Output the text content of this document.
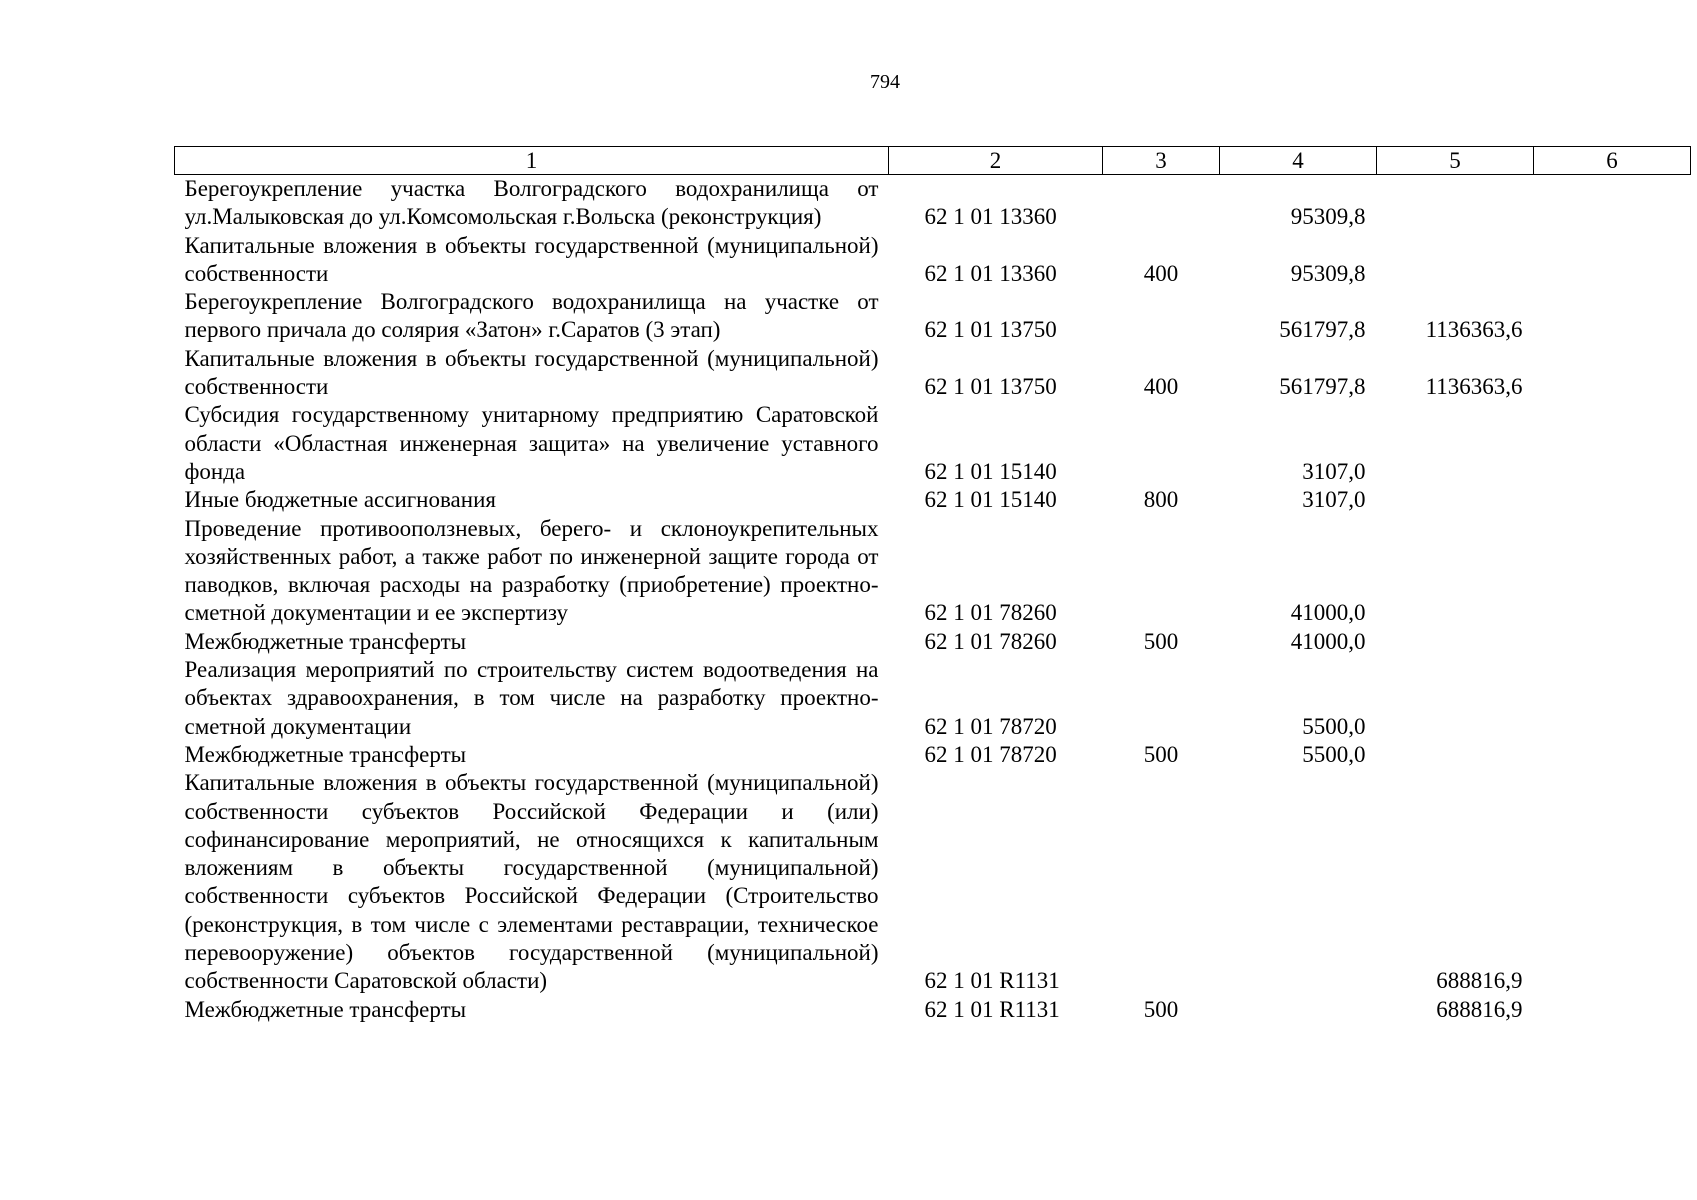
794
1	2	3	4	5	6
Берегоукрепление участка Волгоградского водохранилища от ул.Малыковская до ул.Комсомольская г.Вольска (реконструкция)	62 1 01 13360		95309,8		
Капитальные вложения в объекты государственной (муниципальной) собственности	62 1 01 13360	400	95309,8		
Берегоукрепление Волгоградского водохранилища на участке от первого причала до солярия «Затон» г.Саратов (3 этап)	62 1 01 13750		561797,8	1136363,6	
Капитальные вложения в объекты государственной (муниципальной) собственности	62 1 01 13750	400	561797,8	1136363,6	
Субсидия государственному унитарному предприятию Саратовской области «Областная инженерная защита» на увеличение уставного фонда	62 1 01 15140		3107,0		
Иные бюджетные ассигнования	62 1 01 15140	800	3107,0		
Проведение противооползневых, берего- и склоноукрепительных хозяйственных работ, а также работ по инженерной защите города от паводков, включая расходы на разработку (приобретение) проектно-сметной документации и ее экспертизу	62 1 01 78260		41000,0		
Межбюджетные трансферты	62 1 01 78260	500	41000,0		
Реализация мероприятий по строительству систем водоотведения на объектах здравоохранения, в том числе на разработку проектно-сметной документации	62 1 01 78720		5500,0		
Межбюджетные трансферты	62 1 01 78720	500	5500,0		
Капитальные вложения в объекты государственной (муниципальной) собственности субъектов Российской Федерации и (или) софинансирование мероприятий, не относящихся к капитальным вложениям в объекты государственной (муниципальной) собственности субъектов Российской Федерации (Строительство (реконструкция, в том числе с элементами реставрации, техническое перевооружение) объектов государственной (муниципальной) собственности Саратовской области)	62 1 01 R1131			688816,9	
Межбюджетные трансферты	62 1 01 R1131	500		688816,9	
